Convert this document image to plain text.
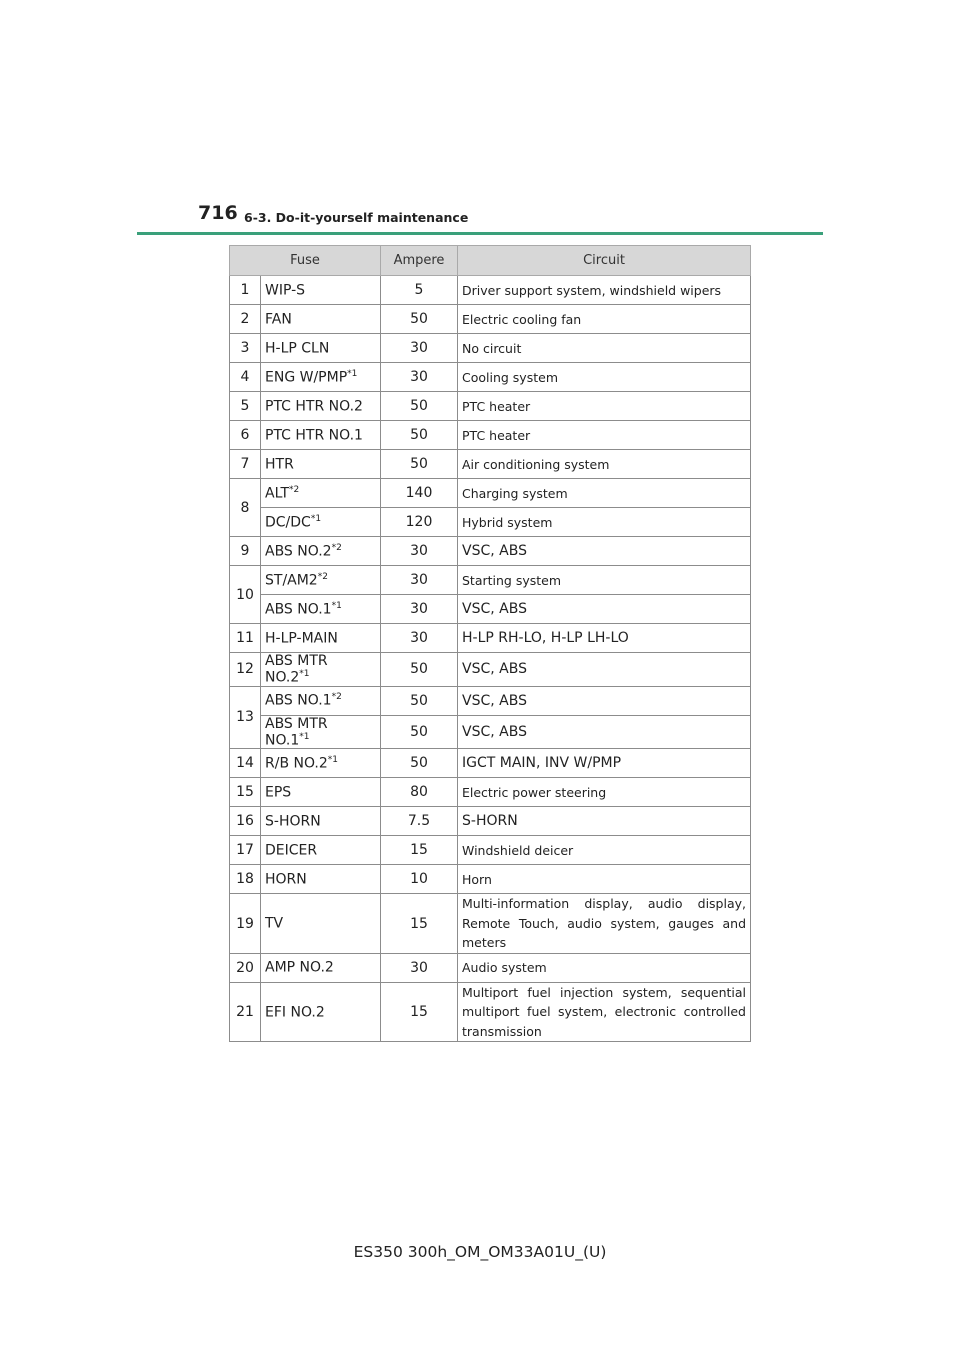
716 6-3. Do-it-yourself maintenance
Fuse		Ampere	Circuit
1	WIP-S	5	Driver support system, windshield wipers
2	FAN	50	Electric cooling fan
3	H-LP CLN	30	No circuit
4	ENG W/PMP$^{*1}$	30	Cooling system
5	PTC HTR NO.2	50	PTC heater
6	PTC HTR NO.1	50	PTC heater
7	HTR	50	Air conditioning system
8	ALT$^{*2}$	140	Charging system
	DC/DC$^{*1}$	120	Hybrid system
9	ABS NO.2$^{*2}$	30	VSC, ABS
10	ST/AM2$^{*2}$	30	Starting system
	ABS NO.1$^{*1}$	30	VSC, ABS
11	H-LP-MAIN	30	H-LP RH-LO, H-LP LH-LO
12	ABS MTR NO.2$^{*1}$	50	VSC, ABS
13	ABS NO.1$^{*2}$	50	VSC, ABS
	ABS MTR NO.1$^{*1}$	50	VSC, ABS
14	R/B NO.2$^{*1}$	50	IGCT MAIN, INV W/PMP
15	EPS	80	Electric power steering
16	S-HORN	7.5	S-HORN
17	DEICER	15	Windshield deicer
18	HORN	10	Horn
19	TV	15	Multi-information display, audio display, Remote Touch, audio system, gauges and meters
20	AMP NO.2	30	Audio system
21	EFI NO.2	15	Multiport fuel injection system, sequential multiport fuel system, electronic controlled transmission
ES350 300h_OM_OM33A01U_(U)
